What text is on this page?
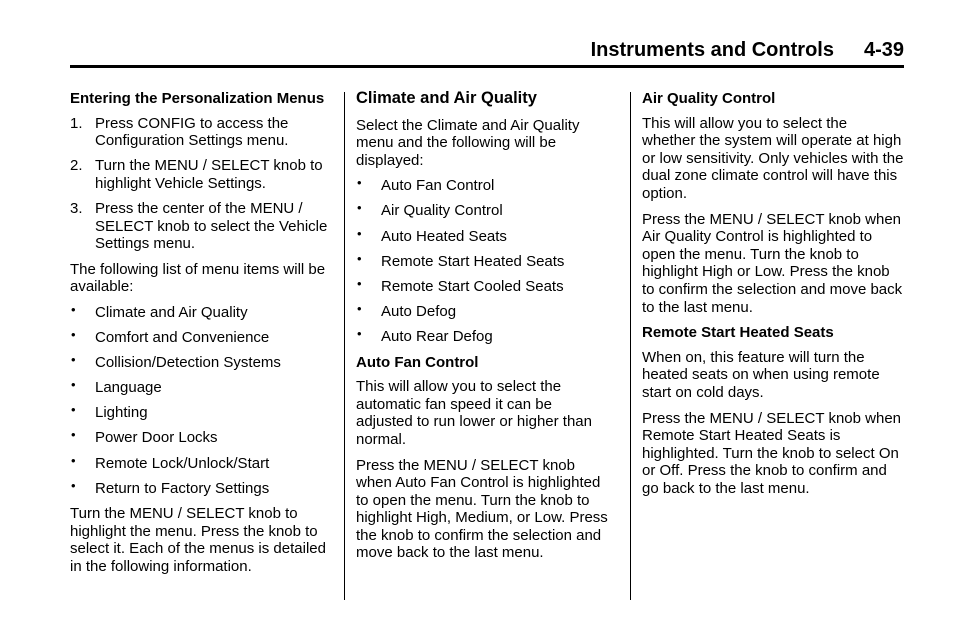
Instruments and Controls 4-39
Entering the Personalization Menus
1. Press CONFIG to access the Configuration Settings menu.
2. Turn the MENU / SELECT knob to highlight Vehicle Settings.
3. Press the center of the MENU / SELECT knob to select the Vehicle Settings menu.

The following list of menu items will be available:

• Climate and Air Quality
• Comfort and Convenience
• Collision/Detection Systems
• Language
• Lighting
• Power Door Locks
• Remote Lock/Unlock/Start
• Return to Factory Settings

Turn the MENU / SELECT knob to highlight the menu. Press the knob to select it. Each of the menus is detailed in the following information.

Climate and Air Quality

Select the Climate and Air Quality menu and the following will be displayed:

• Auto Fan Control
• Air Quality Control
• Auto Heated Seats
• Remote Start Heated Seats
• Remote Start Cooled Seats
• Auto Defog
• Auto Rear Defog
Auto Fan Control

This will allow you to select the automatic fan speed it can be adjusted to run lower or higher than normal.

Press the MENU / SELECT knob when Auto Fan Control is highlighted to open the menu. Turn the knob to highlight High, Medium, or Low. Press the knob to confirm the selection and move back to the last menu.

Air Quality Control

This will allow you to select the whether the system will operate at high or low sensitivity. Only vehicles with the dual zone climate control will have this option.

Press the MENU / SELECT knob when Air Quality Control is highlighted to open the menu. Turn the knob to highlight High or Low. Press the knob to confirm the selection and move back to the last menu.

Remote Start Heated Seats

When on, this feature will turn the heated seats on when using remote start on cold days.

Press the MENU / SELECT knob when Remote Start Heated Seats is highlighted. Turn the knob to select On or Off. Press the knob to confirm and go back to the last menu.
